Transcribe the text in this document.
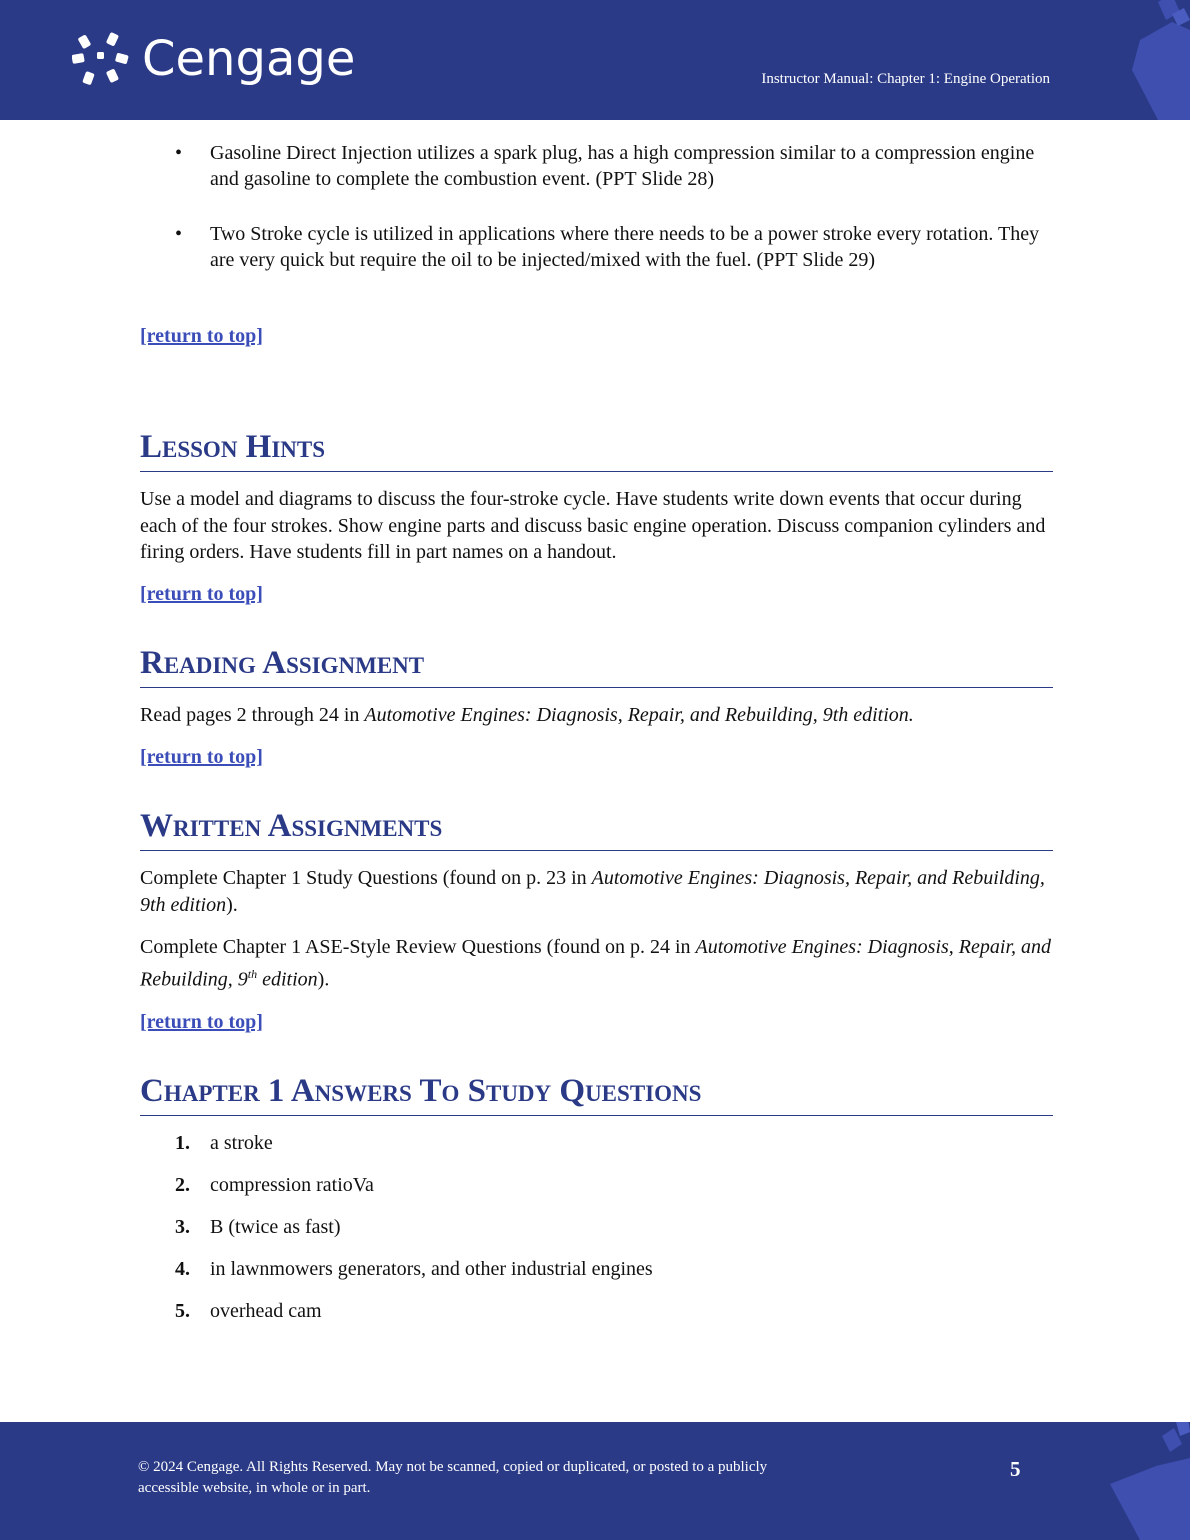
Cengage	Instructor Manual: Chapter 1: Engine Operation
• Gasoline Direct Injection utilizes a spark plug, has a high compression similar to a compression engine and gasoline to complete the combustion event. (PPT Slide 28)
• Two Stroke cycle is utilized in applications where there needs to be a power stroke every rotation. They are very quick but require the oil to be injected/mixed with the fuel. (PPT Slide 29)
[return to top]
Lesson Hints

Use a model and diagrams to discuss the four-stroke cycle. Have students write down events that occur during each of the four strokes. Show engine parts and discuss basic engine operation. Discuss companion cylinders and firing orders. Have students fill in part names on a handout.

[return to top]
Reading Assignment

Read pages 2 through 24 in Automotive Engines: Diagnosis, Repair, and Rebuilding, 9th edition.

[return to top]
Written Assignments

Complete Chapter 1 Study Questions (found on p. 23 in Automotive Engines: Diagnosis, Repair, and Rebuilding, 9th edition).

Complete Chapter 1 ASE-Style Review Questions (found on p. 24 in Automotive Engines: Diagnosis, Repair, and Rebuilding, 9th edition).

[return to top]
Chapter 1 Answers To Study Questions
1. a stroke
2. compression ratioVa
3. B (twice as fast)
4. in lawnmowers generators, and other industrial engines
5. overhead cam
© 2024 Cengage. All Rights Reserved. May not be scanned, copied or duplicated, or posted to a publicly accessible website, in whole or in part.
5
